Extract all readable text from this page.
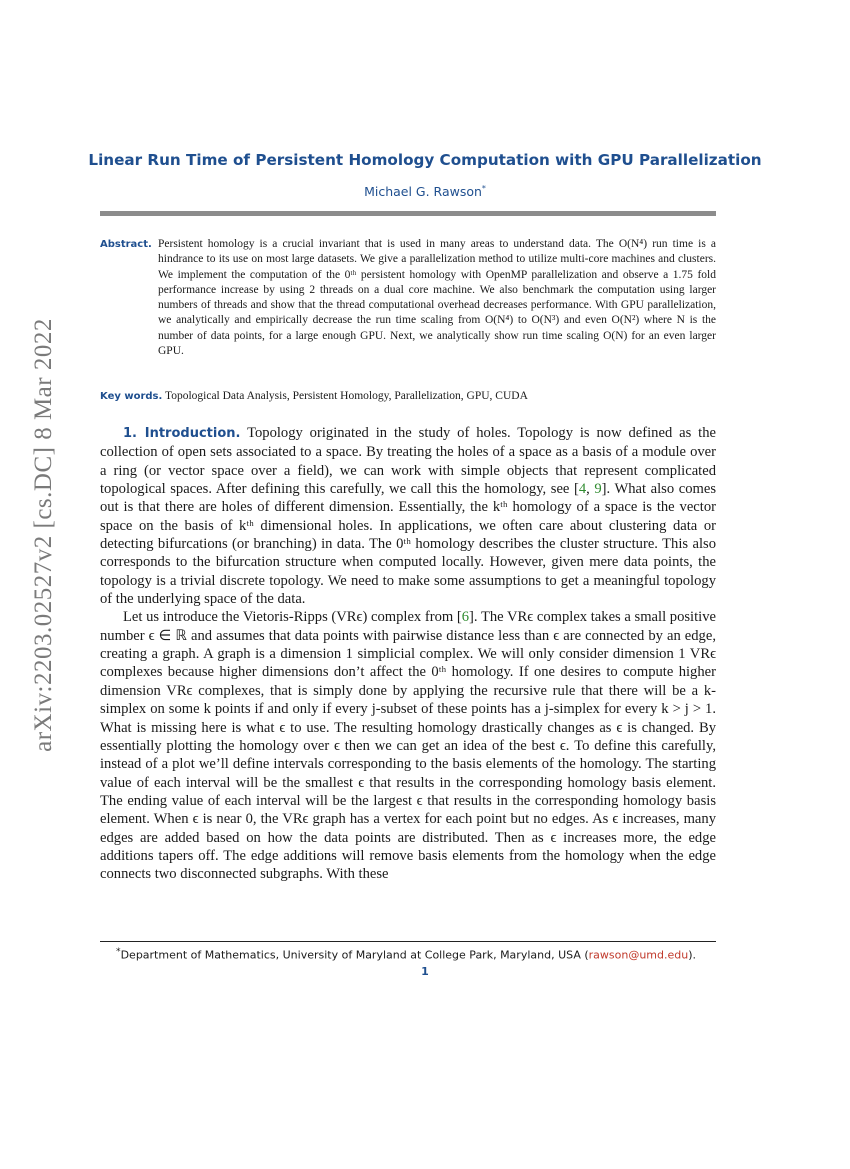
arXiv:2203.02527v2 [cs.DC] 8 Mar 2022
Linear Run Time of Persistent Homology Computation with GPU Parallelization
Michael G. Rawson*
Abstract. Persistent homology is a crucial invariant that is used in many areas to understand data. The O(N⁴) run time is a hindrance to its use on most large datasets. We give a parallelization method to utilize multi-core machines and clusters. We implement the computation of the 0ᵗʰ persistent homology with OpenMP parallelization and observe a 1.75 fold performance increase by using 2 threads on a dual core machine. We also benchmark the computation using larger numbers of threads and show that the thread computational overhead decreases performance. With GPU parallelization, we analytically and empirically decrease the run time scaling from O(N⁴) to O(N³) and even O(N²) where N is the number of data points, for a large enough GPU. Next, we analytically show run time scaling O(N) for an even larger GPU.
Key words. Topological Data Analysis, Persistent Homology, Parallelization, GPU, CUDA

1. Introduction. Topology originated in the study of holes. Topology is now defined as the collection of open sets associated to a space. By treating the holes of a space as a basis of a module over a ring (or vector space over a field), we can work with simple objects that represent complicated topological spaces. After defining this carefully, we call this the homology, see [4, 9]. What also comes out is that there are holes of different dimension. Essentially, the kᵗʰ homology of a space is the vector space on the basis of kᵗʰ dimensional holes. In applications, we often care about clustering data or detecting bifurcations (or branching) in data. The 0ᵗʰ homology describes the cluster structure. This also corresponds to the bifurcation structure when computed locally. However, given mere data points, the topology is a trivial discrete topology. We need to make some assumptions to get a meaningful topology of the underlying space of the data.

Let us introduce the Vietoris-Ripps (VRϵ) complex from [6]. The VRϵ complex takes a small positive number ϵ ∈ ℝ and assumes that data points with pairwise distance less than ϵ are connected by an edge, creating a graph. A graph is a dimension 1 simplicial complex. We will only consider dimension 1 VRϵ complexes because higher dimensions don’t affect the 0ᵗʰ homology. If one desires to compute higher dimension VRϵ complexes, that is simply done by applying the recursive rule that there will be a k-simplex on some k points if and only if every j-subset of these points has a j-simplex for every k > j > 1. What is missing here is what ϵ to use. The resulting homology drastically changes as ϵ is changed. By essentially plotting the homology over ϵ then we can get an idea of the best ϵ. To define this carefully, instead of a plot we’ll define intervals corresponding to the basis elements of the homology. The starting value of each interval will be the smallest ϵ that results in the corresponding homology basis element. The ending value of each interval will be the largest ϵ that results in the corresponding homology basis element. When ϵ is near 0, the VRϵ graph has a vertex for each point but no edges. As ϵ increases, many edges are added based on how the data points are distributed. Then as ϵ increases more, the edge additions tapers off. The edge additions will remove basis elements from the homology when the edge connects two disconnected subgraphs. With these

*Department of Mathematics, University of Maryland at College Park, Maryland, USA (rawson@umd.edu).
1
